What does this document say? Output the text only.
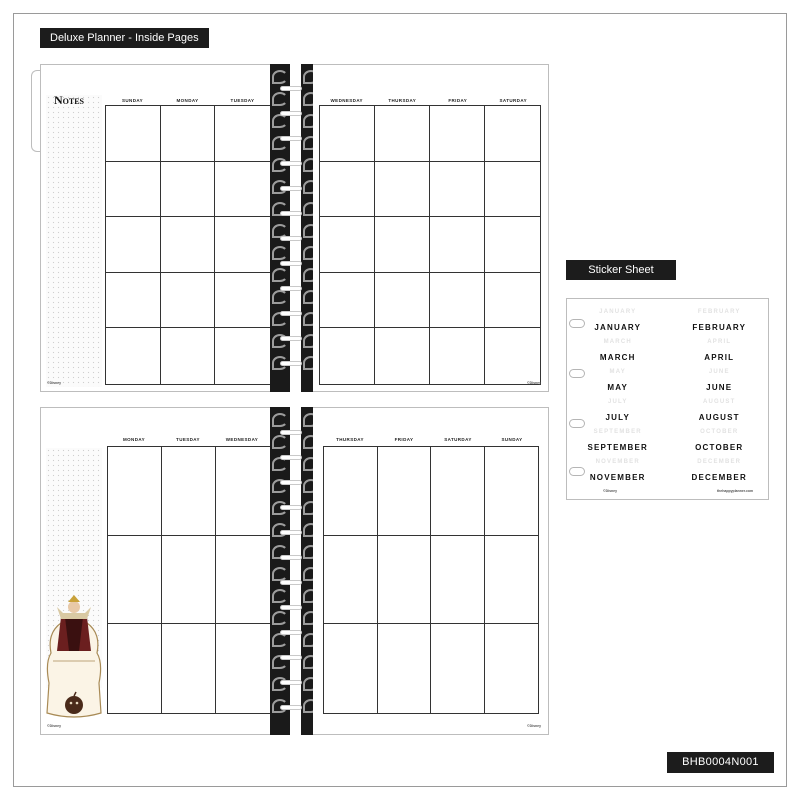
Deluxe Planner - Inside Pages
Notes	SUNDAY	MONDAY	TUESDAY
©Disney
WEDNESDAY	THURSDAY	FRIDAY	SATURDAY
©Disney
MONDAY	TUESDAY	WEDNESDAY
©Disney
THURSDAY	FRIDAY	SATURDAY	SUNDAY
©Disney
Sticker Sheet
©Disney	thehappyplanner.com
JANUARY	FEBRUARY
JANUARY	FEBRUARY
MARCH	APRIL
MARCH	APRIL
MAY	JUNE
MAY	JUNE
JULY	AUGUST
JULY	AUGUST
SEPTEMBER	OCTOBER
SEPTEMBER	OCTOBER
NOVEMBER	DECEMBER
NOVEMBER	DECEMBER
BHB0004N001
